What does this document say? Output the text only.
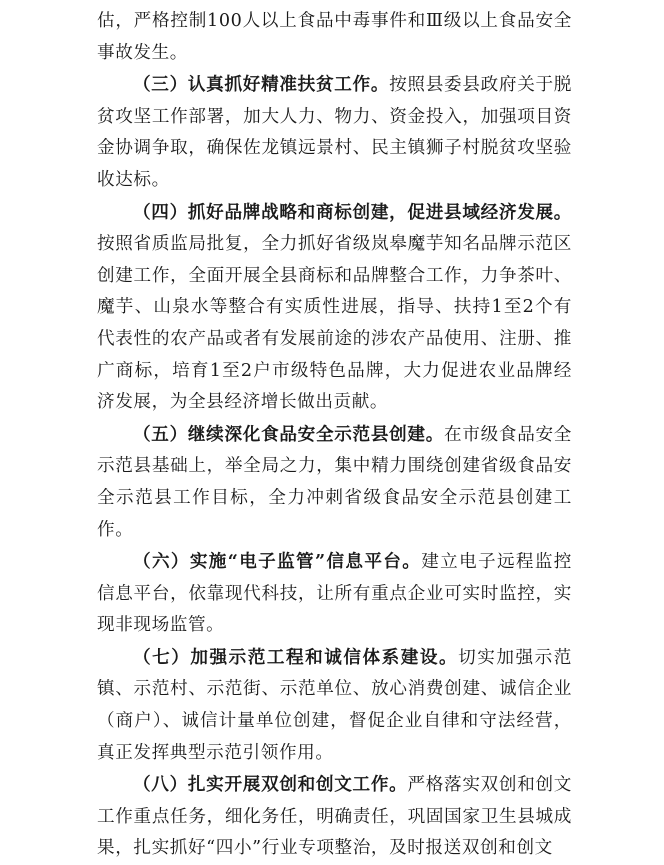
估，严格控制100人以上食品中毒事件和Ⅲ级以上食品安全事故发生。

（三）认真抓好精准扶贫工作。按照县委县政府关于脱贫攻坚工作部署，加大人力、物力、资金投入，加强项目资金协调争取，确保佐龙镇远景村、民主镇狮子村脱贫攻坚验收达标。

（四）抓好品牌战略和商标创建，促进县域经济发展。按照省质监局批复，全力抓好省级岚皋魔芋知名品牌示范区创建工作，全面开展全县商标和品牌整合工作，力争茶叶、魔芋、山泉水等整合有实质性进展，指导、扶持1至2个有代表性的农产品或者有发展前途的涉农产品使用、注册、推广商标，培育1至2户市级特色品牌，大力促进农业品牌经济发展，为全县经济增长做出贡献。

（五）继续深化食品安全示范县创建。在市级食品安全示范县基础上，举全局之力，集中精力围绕创建省级食品安全示范县工作目标，全力冲刺省级食品安全示范县创建工作。

（六）实施“电子监管”信息平台。建立电子远程监控信息平台，依靠现代科技，让所有重点企业可实时监控，实现非现场监管。

（七）加强示范工程和诚信体系建设。切实加强示范镇、示范村、示范街、示范单位、放心消费创建、诚信企业（商户）、诚信计量单位创建，督促企业自律和守法经营，真正发挥典型示范引领作用。

（八）扎实开展双创和创文工作。严格落实双创和创文工作重点任务，细化务任，明确责任，巩固国家卫生县城成果，扎实抓好“四小”行业专项整治，及时报送双创和创文
